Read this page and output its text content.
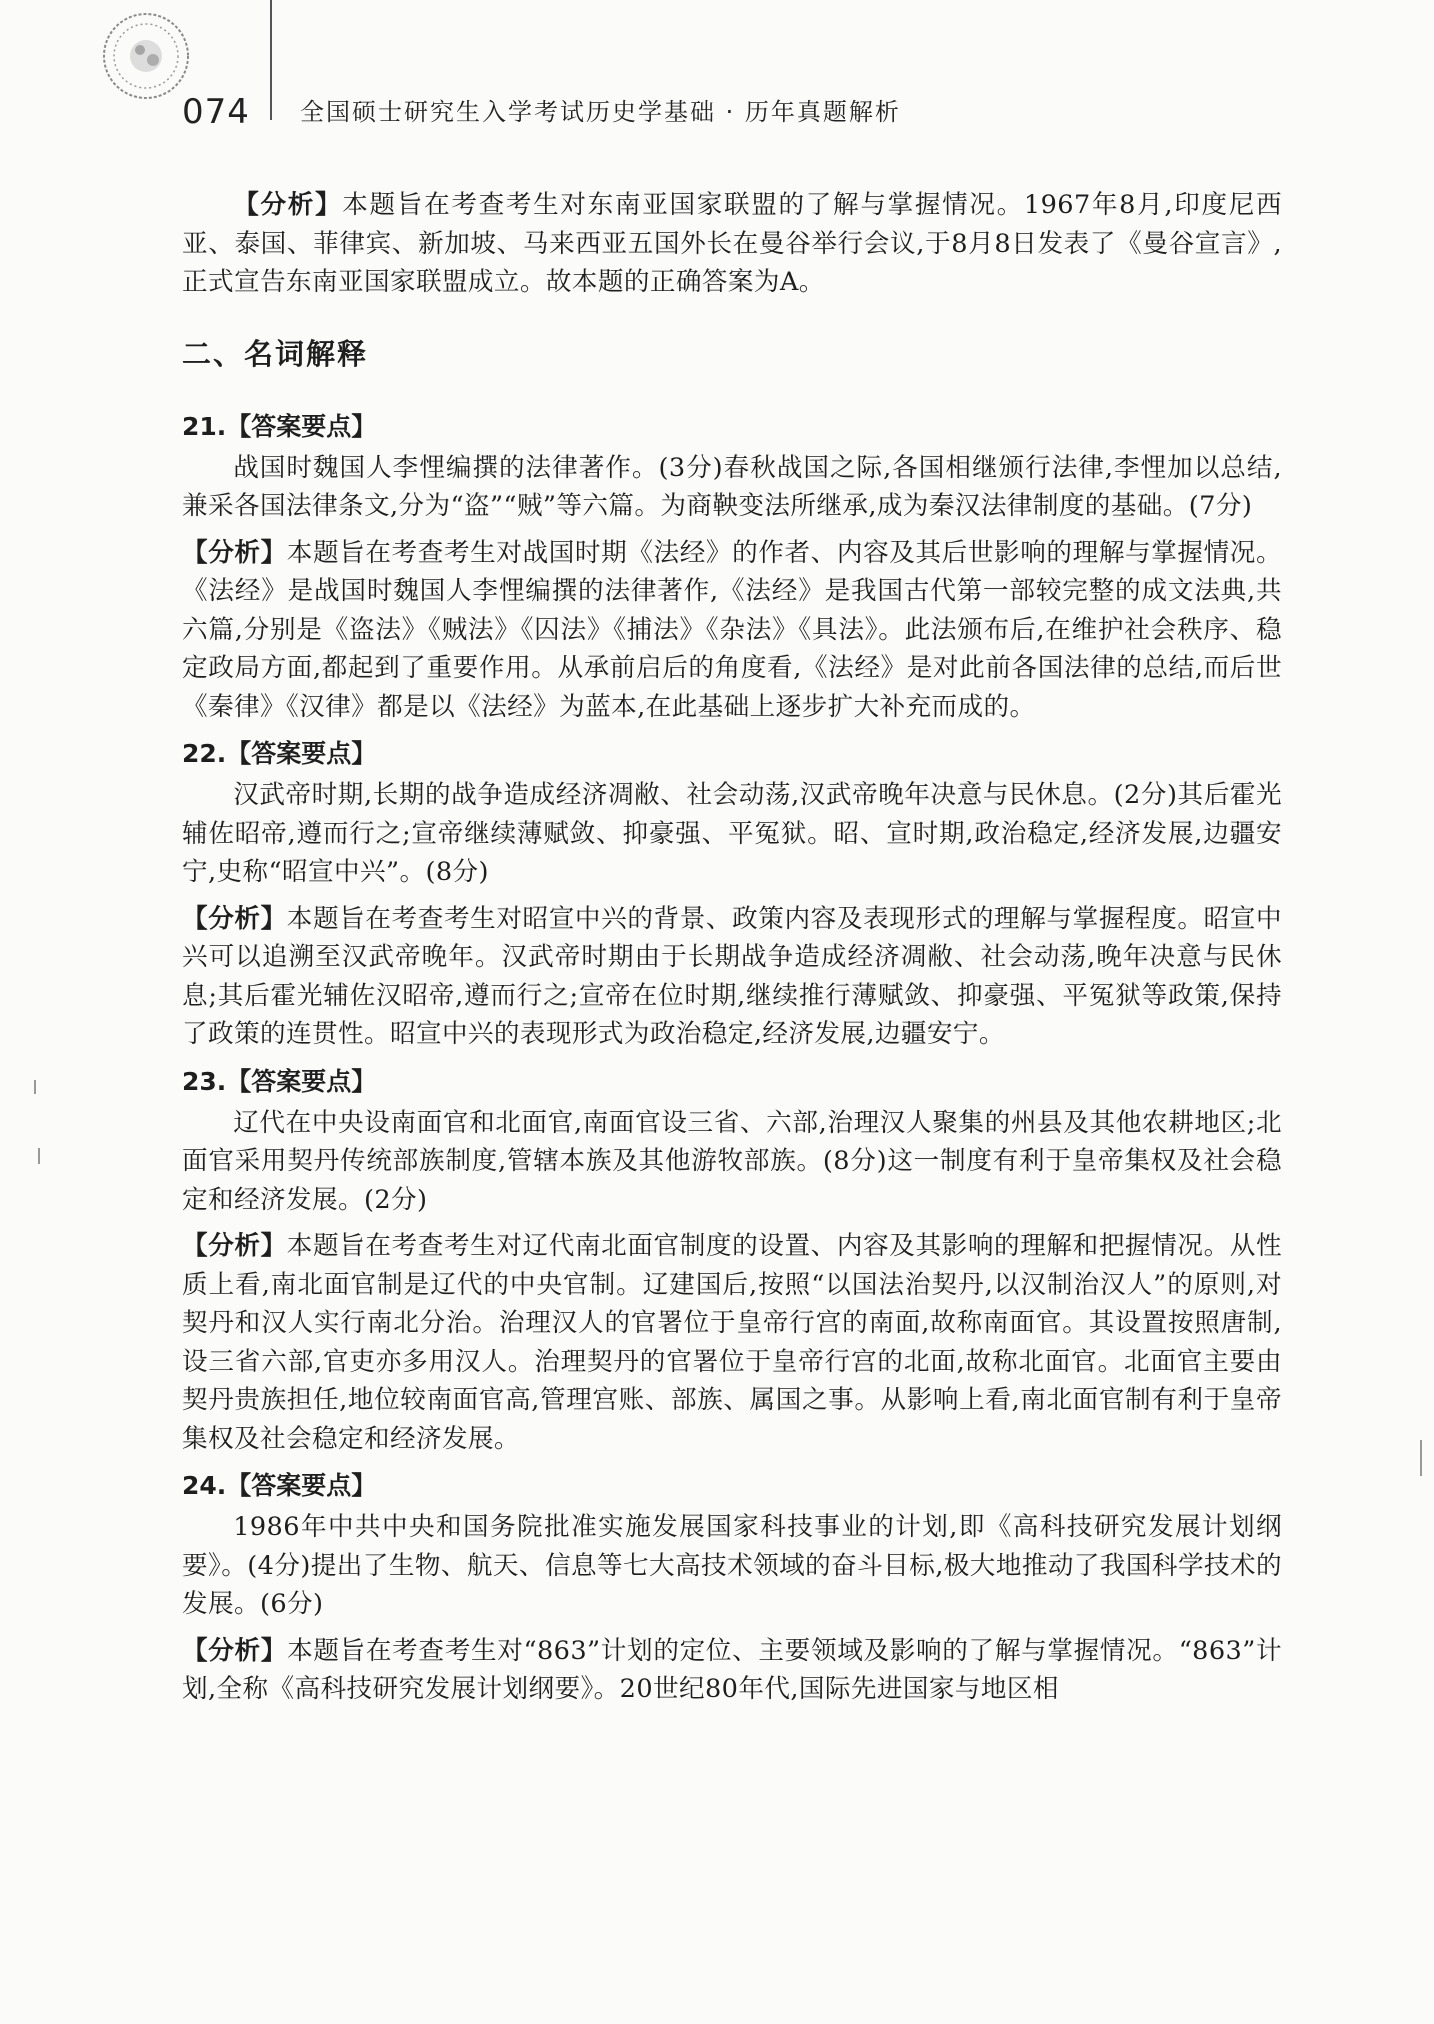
074 全国硕士研究生入学考试历史学基础 · 历年真题解析

【分析】本题旨在考查考生对东南亚国家联盟的了解与掌握情况。1967年8月,印度尼西亚、泰国、菲律宾、新加坡、马来西亚五国外长在曼谷举行会议,于8月8日发表了《曼谷宣言》,正式宣告东南亚国家联盟成立。故本题的正确答案为A。

二、名词解释
21.【答案要点】

战国时魏国人李悝编撰的法律著作。(3分)春秋战国之际,各国相继颁行法律,李悝加以总结,兼采各国法律条文,分为“盗”“贼”等六篇。为商鞅变法所继承,成为秦汉法律制度的基础。(7分)

【分析】本题旨在考查考生对战国时期《法经》的作者、内容及其后世影响的理解与掌握情况。《法经》是战国时魏国人李悝编撰的法律著作,《法经》是我国古代第一部较完整的成文法典,共六篇,分别是《盗法》《贼法》《囚法》《捕法》《杂法》《具法》。此法颁布后,在维护社会秩序、稳定政局方面,都起到了重要作用。从承前启后的角度看,《法经》是对此前各国法律的总结,而后世《秦律》《汉律》都是以《法经》为蓝本,在此基础上逐步扩大补充而成的。

22.【答案要点】

汉武帝时期,长期的战争造成经济凋敝、社会动荡,汉武帝晚年决意与民休息。(2分)其后霍光辅佐昭帝,遵而行之;宣帝继续薄赋敛、抑豪强、平冤狱。昭、宣时期,政治稳定,经济发展,边疆安宁,史称“昭宣中兴”。(8分)

【分析】本题旨在考查考生对昭宣中兴的背景、政策内容及表现形式的理解与掌握程度。昭宣中兴可以追溯至汉武帝晚年。汉武帝时期由于长期战争造成经济凋敝、社会动荡,晚年决意与民休息;其后霍光辅佐汉昭帝,遵而行之;宣帝在位时期,继续推行薄赋敛、抑豪强、平冤狱等政策,保持了政策的连贯性。昭宣中兴的表现形式为政治稳定,经济发展,边疆安宁。

23.【答案要点】

辽代在中央设南面官和北面官,南面官设三省、六部,治理汉人聚集的州县及其他农耕地区;北面官采用契丹传统部族制度,管辖本族及其他游牧部族。(8分)这一制度有利于皇帝集权及社会稳定和经济发展。(2分)

【分析】本题旨在考查考生对辽代南北面官制度的设置、内容及其影响的理解和把握情况。从性质上看,南北面官制是辽代的中央官制。辽建国后,按照“以国法治契丹,以汉制治汉人”的原则,对契丹和汉人实行南北分治。治理汉人的官署位于皇帝行宫的南面,故称南面官。其设置按照唐制,设三省六部,官吏亦多用汉人。治理契丹的官署位于皇帝行宫的北面,故称北面官。北面官主要由契丹贵族担任,地位较南面官高,管理宫账、部族、属国之事。从影响上看,南北面官制有利于皇帝集权及社会稳定和经济发展。

24.【答案要点】

1986年中共中央和国务院批准实施发展国家科技事业的计划,即《高科技研究发展计划纲要》。(4分)提出了生物、航天、信息等七大高技术领域的奋斗目标,极大地推动了我国科学技术的发展。(6分)

【分析】本题旨在考查考生对“863”计划的定位、主要领域及影响的了解与掌握情况。“863”计划,全称《高科技研究发展计划纲要》。20世纪80年代,国际先进国家与地区相
